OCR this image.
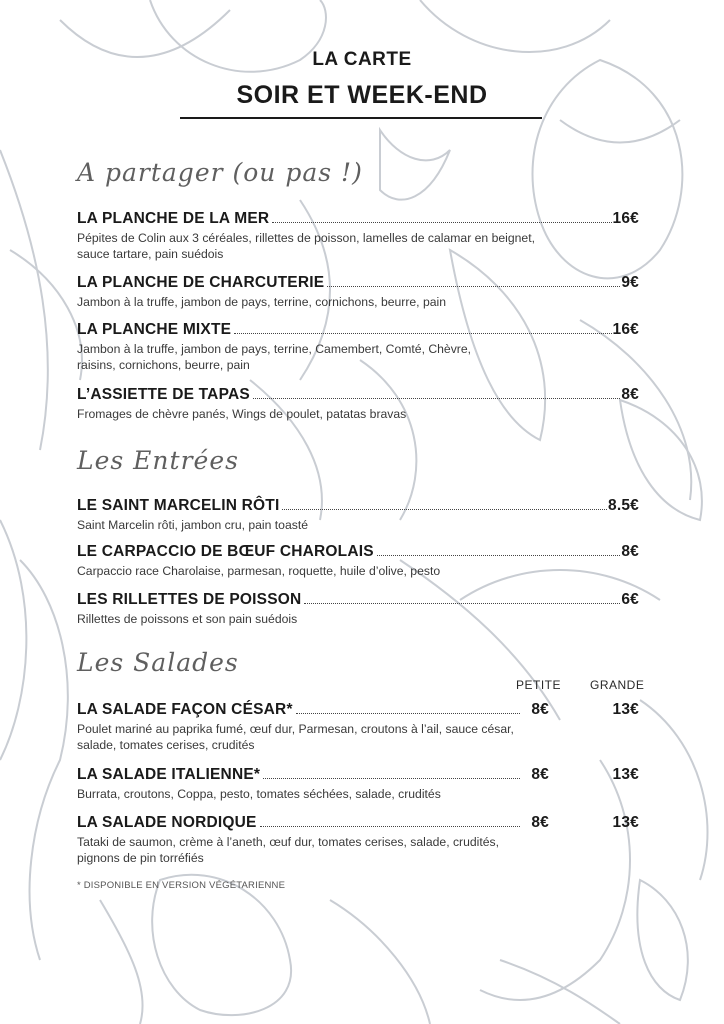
LA CARTE
SOIR ET WEEK-END
A partager (ou pas !)
LA PLANCHE DE LA MER	16€
Pépites de Colin aux 3 céréales, rillettes de poisson, lamelles de calamar en beignet, sauce tartare, pain suédois
LA PLANCHE DE CHARCUTERIE	9€
Jambon à la truffe, jambon de pays, terrine, cornichons, beurre, pain
LA PLANCHE MIXTE	16€
Jambon à la truffe, jambon de pays, terrine, Camembert, Comté, Chèvre, raisins, cornichons, beurre, pain
L’ASSIETTE DE TAPAS	8€
Fromages de chèvre panés, Wings de poulet, patatas bravas
Les Entrées
LE SAINT MARCELIN RÔTI	8.5€
Saint Marcelin rôti, jambon cru, pain toasté
LE CARPACCIO DE BŒUF CHAROLAIS	8€
Carpaccio race Charolaise, parmesan, roquette, huile d’olive, pesto
LES RILLETTES DE POISSON	6€
Rillettes de poissons et son pain suédois
Les Salades
PETITE GRANDE
LA SALADE FAÇON CÉSAR*	8€	13€
Poulet mariné au paprika fumé, œuf dur, Parmesan, croutons à l’ail, sauce césar, salade, tomates cerises, crudités
LA SALADE ITALIENNE*	8€	13€
Burrata, croutons, Coppa, pesto, tomates séchées, salade, crudités
LA SALADE NORDIQUE	8€	13€
Tataki de saumon, crème à l’aneth, œuf dur, tomates cerises, salade, crudités, pignons de pin torréfiés
* DISPONIBLE EN VERSION VÉGÉTARIENNE
